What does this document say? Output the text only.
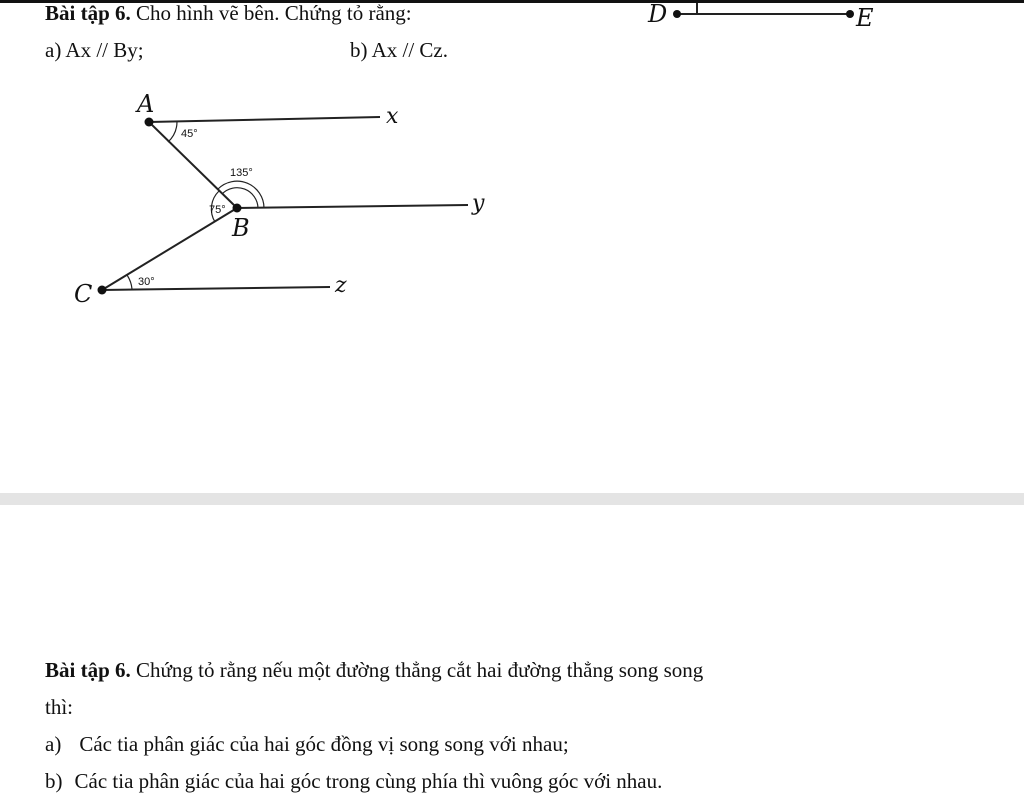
Bài tập 6. Cho hình vẽ bên. Chứng tỏ rằng:
a) Ax // By;	b) Ax // Cz.
D	E
A
B
C
x
y
z
45°
135°
75°
30°
Bài tập 6. Chứng tỏ rằng nếu một đường thẳng cắt hai đường thẳng song song
thì:
a) Các tia phân giác của hai góc đồng vị song song với nhau;
b) Các tia phân giác của hai góc trong cùng phía thì vuông góc với nhau.
